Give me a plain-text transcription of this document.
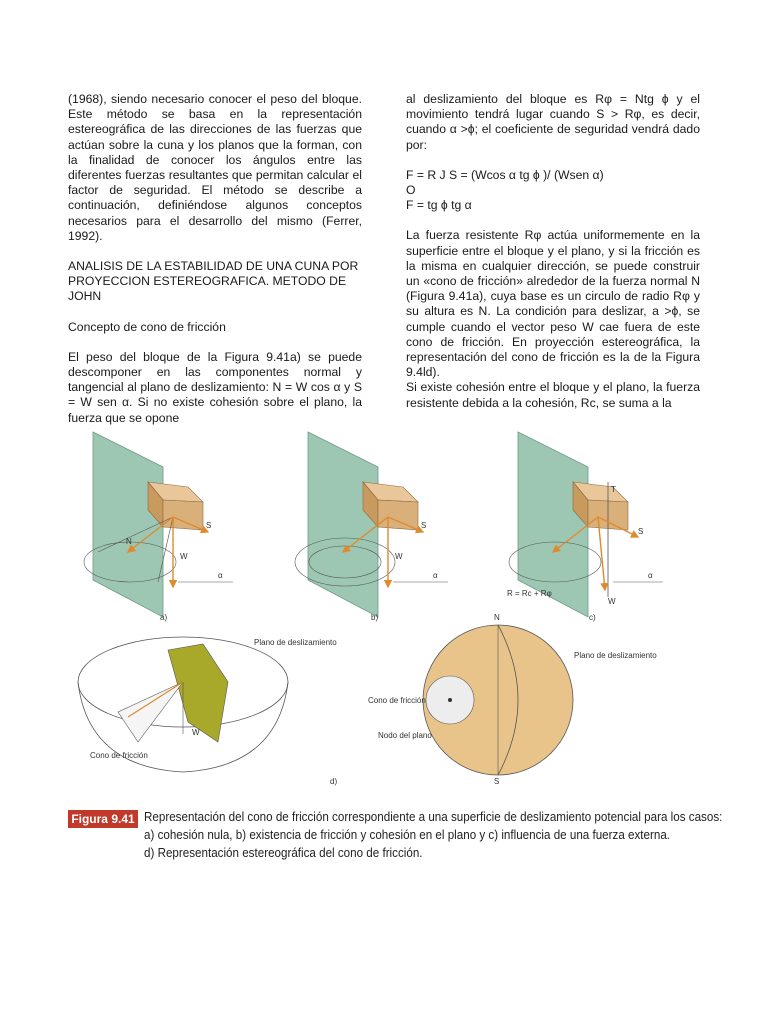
(1968), siendo necesario conocer el peso del bloque. Este método se basa en la representación estereográfica de las direcciones de las fuerzas que actúan sobre la cuna y los planos que la forman, con la finalidad de conocer los ángulos entre las diferentes fuerzas resultantes que permitan calcular el factor de seguridad. El método se describe a continuación, definiéndose algunos conceptos necesarios para el desarrollo del mismo (Ferrer, 1992).

ANALISIS DE LA ESTABILIDAD DE UNA CUNA POR PROYECCION ESTEREOGRAFICA. METODO DE JOHN

Concepto de cono de fricción

El peso del bloque de la Figura 9.41a) se puede descomponer en las componentes normal y tangencial al plano de deslizamiento: N = W cos α y S = W sen α. Si no existe cohesión sobre el plano, la fuerza que se opone

al deslizamiento del bloque es Rφ = Ntg ϕ y el movimiento tendrá lugar cuando S > Rφ, es decir, cuando α >ϕ; el coeficiente de seguridad vendrá dado por:

F = R J S = (Wcos α tg ϕ )/ (Wsen α)

O

F = tg ϕ tg α

La fuerza resistente Rφ actúa uniformemente en la superficie entre el bloque y el plano, y si la fricción es la misma en cualquier dirección, se puede construir un «cono de fricción» alrededor de la fuerza normal N (Figura 9.41a), cuya base es un circulo de radio Rφ y su altura es N. La condición para deslizar, a >ϕ, se cumple cuando el vector peso W cae fuera de este cono de fricción. En proyección estereográfica, la representación del cono de fricción es la de la Figura 9.4ld).

Si existe cohesión entre el bloque y el plano, la fuerza resistente debida a la cohesión, Rc, se suma a la

W
N
S
α
a)
W
S
α
b)
T
S
W
α
R = Rc + Rφ
c)
Plano de deslizamiento
W
Cono de fricción
N
S
Plano de deslizamiento
Cono de fricción
Nodo del plano
d)
Figura 9.41 Representación del cono de fricción correspondiente a una superficie de deslizamiento potencial para los casos:
a) cohesión nula, b) existencia de fricción y cohesión en el plano y c) influencia de una fuerza externa.
d) Representación estereográfica del cono de fricción.
